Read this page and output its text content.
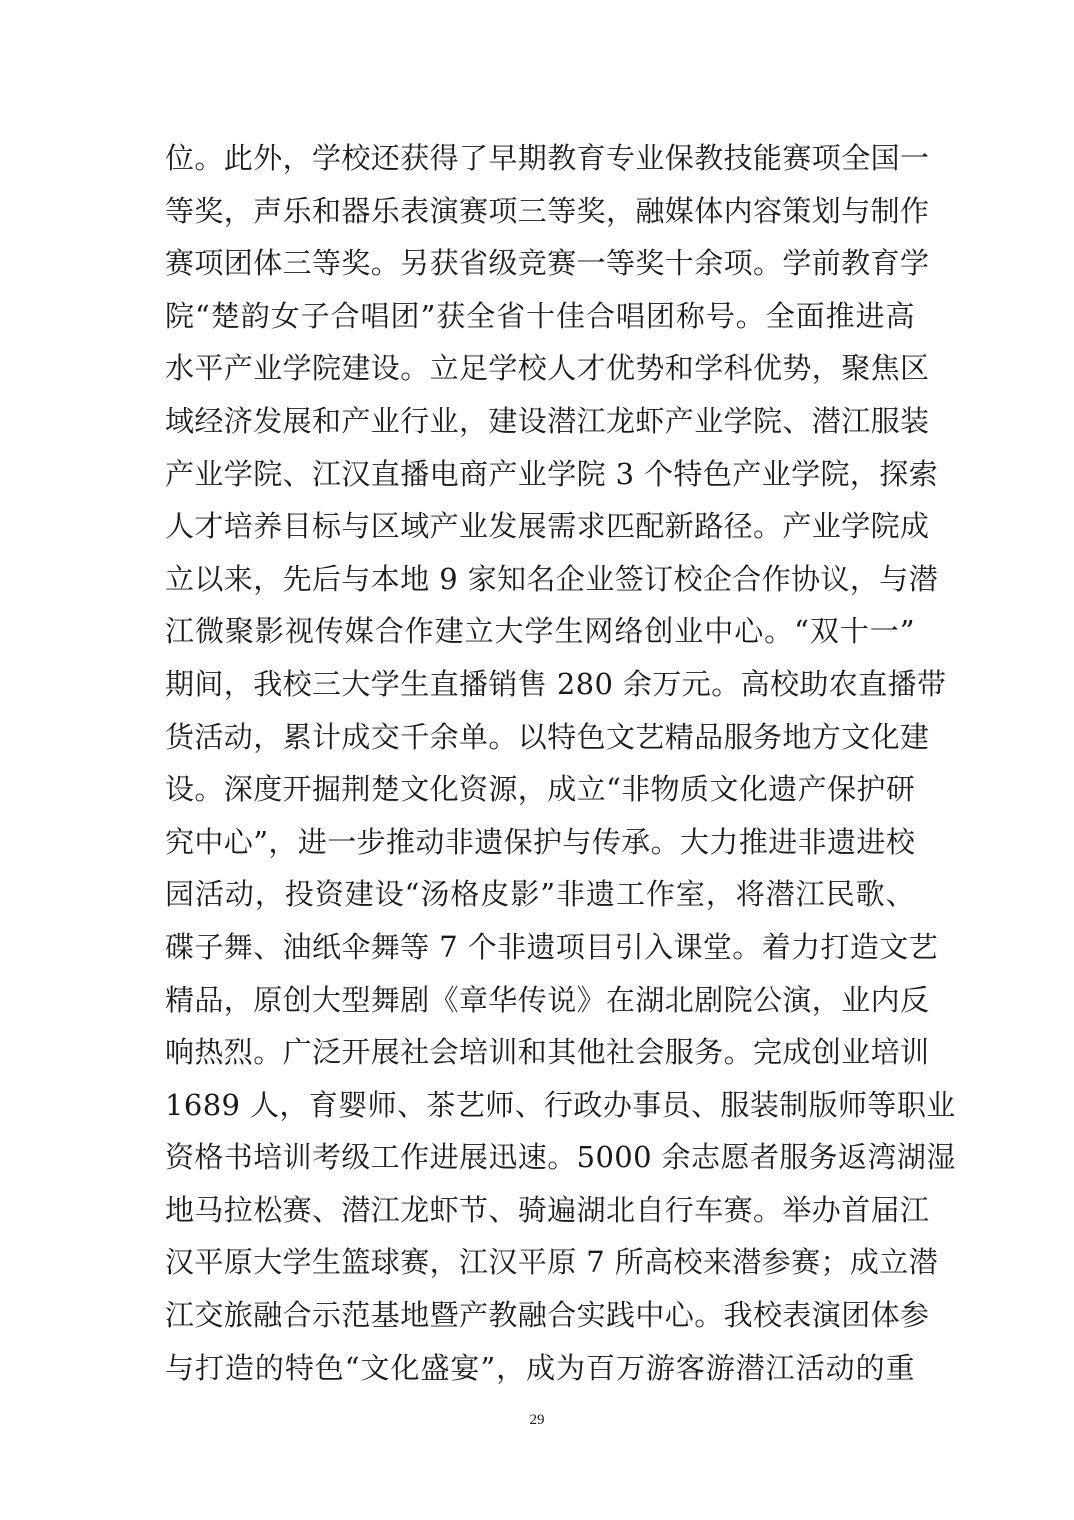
位。此外，学校还获得了早期教育专业保教技能赛项全国一
等奖，声乐和器乐表演赛项三等奖，融媒体内容策划与制作
赛项团体三等奖。另获省级竞赛一等奖十余项。学前教育学
院“楚韵女子合唱团”获全省十佳合唱团称号。全面推进高
水平产业学院建设。立足学校人才优势和学科优势，聚焦区
域经济发展和产业行业，建设潜江龙虾产业学院、潜江服装
产业学院、江汉直播电商产业学院 3 个特色产业学院，探索
人才培养目标与区域产业发展需求匹配新路径。产业学院成
立以来，先后与本地 9 家知名企业签订校企合作协议，与潜
江微聚影视传媒合作建立大学生网络创业中心。“双十一”
期间，我校三大学生直播销售 280 余万元。高校助农直播带
货活动，累计成交千余单。以特色文艺精品服务地方文化建
设。深度开掘荆楚文化资源，成立“非物质文化遗产保护研
究中心”，进一步推动非遗保护与传承。大力推进非遗进校
园活动，投资建设“汤格皮影”非遗工作室，将潜江民歌、
碟子舞、油纸伞舞等 7 个非遗项目引入课堂。着力打造文艺
精品，原创大型舞剧《章华传说》在湖北剧院公演，业内反
响热烈。广泛开展社会培训和其他社会服务。完成创业培训
1689 人，育婴师、茶艺师、行政办事员、服装制版师等职业
资格书培训考级工作进展迅速。5000 余志愿者服务返湾湖湿
地马拉松赛、潜江龙虾节、骑遍湖北自行车赛。举办首届江
汉平原大学生篮球赛，江汉平原 7 所高校来潜参赛；成立潜
江交旅融合示范基地暨产教融合实践中心。我校表演团体参
与打造的特色“文化盛宴”，成为百万游客游潜江活动的重
29
